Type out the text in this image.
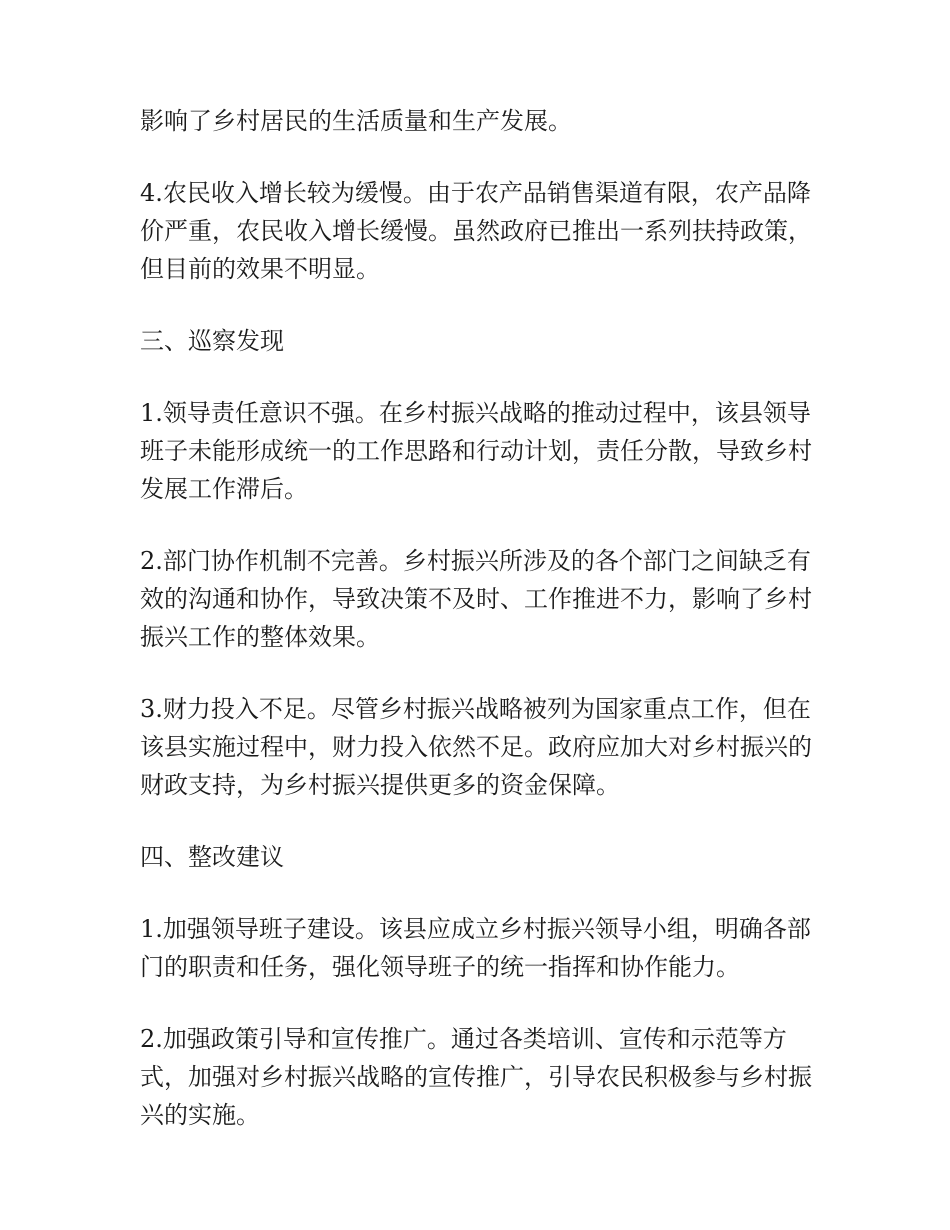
影响了乡村居民的生活质量和生产发展。

4.农民收入增长较为缓慢。由于农产品销售渠道有限，农产品降价严重，农民收入增长缓慢。虽然政府已推出一系列扶持政策，但目前的效果不明显。

三、巡察发现

1.领导责任意识不强。在乡村振兴战略的推动过程中，该县领导班子未能形成统一的工作思路和行动计划，责任分散，导致乡村发展工作滞后。

2.部门协作机制不完善。乡村振兴所涉及的各个部门之间缺乏有效的沟通和协作，导致决策不及时、工作推进不力，影响了乡村振兴工作的整体效果。

3.财力投入不足。尽管乡村振兴战略被列为国家重点工作，但在该县实施过程中，财力投入依然不足。政府应加大对乡村振兴的财政支持，为乡村振兴提供更多的资金保障。

四、整改建议

1.加强领导班子建设。该县应成立乡村振兴领导小组，明确各部门的职责和任务，强化领导班子的统一指挥和协作能力。

2.加强政策引导和宣传推广。通过各类培训、宣传和示范等方式，加强对乡村振兴战略的宣传推广，引导农民积极参与乡村振兴的实施。
